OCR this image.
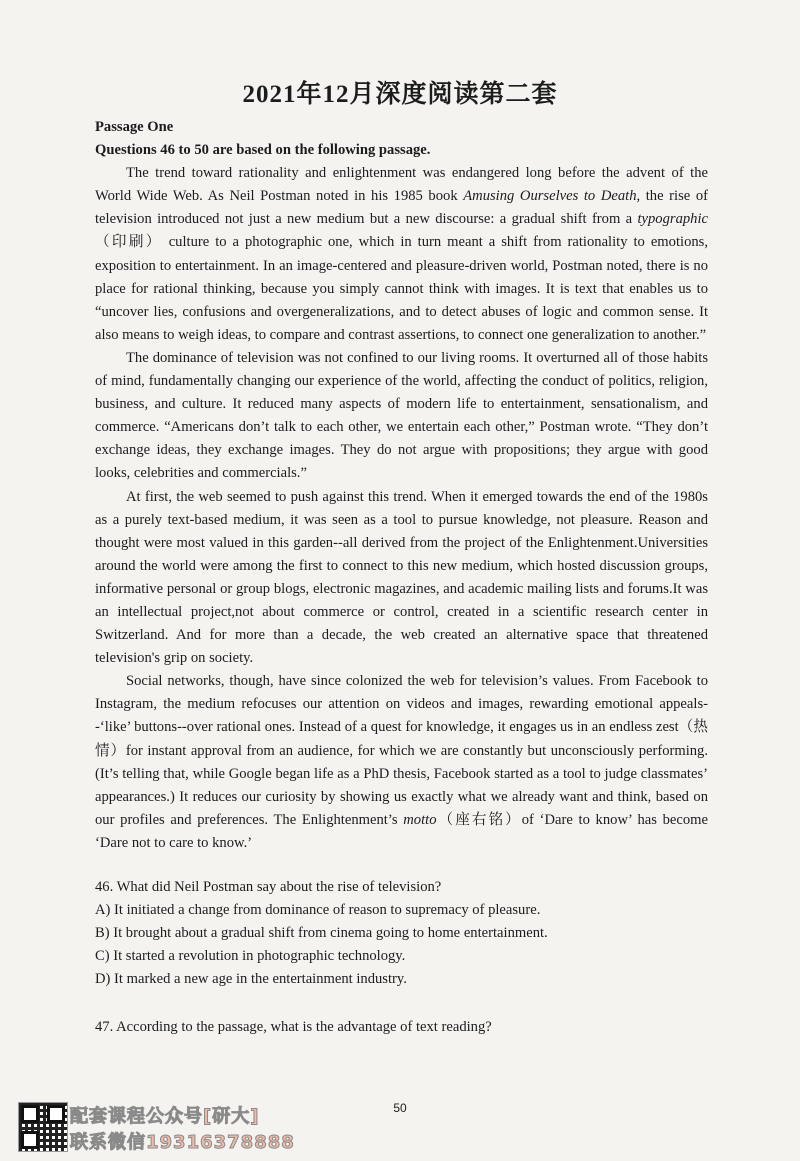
2021年12月深度阅读第二套

Passage One

Questions 46 to 50 are based on the following passage.

The trend toward rationality and enlightenment was endangered long before the advent of the World Wide Web. As Neil Postman noted in his 1985 book Amusing Ourselves to Death, the rise of television introduced not just a new medium but a new discourse: a gradual shift from a typographic（印刷） culture to a photographic one, which in turn meant a shift from rationality to emotions, exposition to entertainment. In an image-centered and pleasure-driven world, Postman noted, there is no place for rational thinking, because you simply cannot think with images. It is text that enables us to “uncover lies, confusions and overgeneralizations, and to detect abuses of logic and common sense. It also means to weigh ideas, to compare and contrast assertions, to connect one generalization to another.”

The dominance of television was not confined to our living rooms. It overturned all of those habits of mind, fundamentally changing our experience of the world, affecting the conduct of politics, religion, business, and culture. It reduced many aspects of modern life to entertainment, sensationalism, and commerce. “Americans don’t talk to each other, we entertain each other,” Postman wrote. “They don’t exchange ideas, they exchange images. They do not argue with propositions; they argue with good looks, celebrities and commercials.”

At first, the web seemed to push against this trend. When it emerged towards the end of the 1980s as a purely text-based medium, it was seen as a tool to pursue knowledge, not pleasure. Reason and thought were most valued in this garden--all derived from the project of the Enlightenment.Universities around the world were among the first to connect to this new medium, which hosted discussion groups, informative personal or group blogs, electronic magazines, and academic mailing lists and forums.It was an intellectual project,not about commerce or control, created in a scientific research center in Switzerland. And for more than a decade, the web created an alternative space that threatened television's grip on society.

Social networks, though, have since colonized the web for television’s values. From Facebook to Instagram, the medium refocuses our attention on videos and images, rewarding emotional appeals--‘like’ buttons--over rational ones. Instead of a quest for knowledge, it engages us in an endless zest（热情）for instant approval from an audience, for which we are constantly but unconsciously performing. (It’s telling that, while Google began life as a PhD thesis, Facebook started as a tool to judge classmates’ appearances.) It reduces our curiosity by showing us exactly what we already want and think, based on our profiles and preferences. The Enlightenment’s motto（座右铭）of ‘Dare to know’ has become ‘Dare not to care to know.’

46. What did Neil Postman say about the rise of television?

A) It initiated a change from dominance of reason to supremacy of pleasure.

B) It brought about a gradual shift from cinema going to home entertainment.

C) It started a revolution in photographic technology.

D) It marked a new age in the entertainment industry.

47. According to the passage, what is the advantage of text reading?

50
配套课程公众号[研大]
联系微信19316378888
